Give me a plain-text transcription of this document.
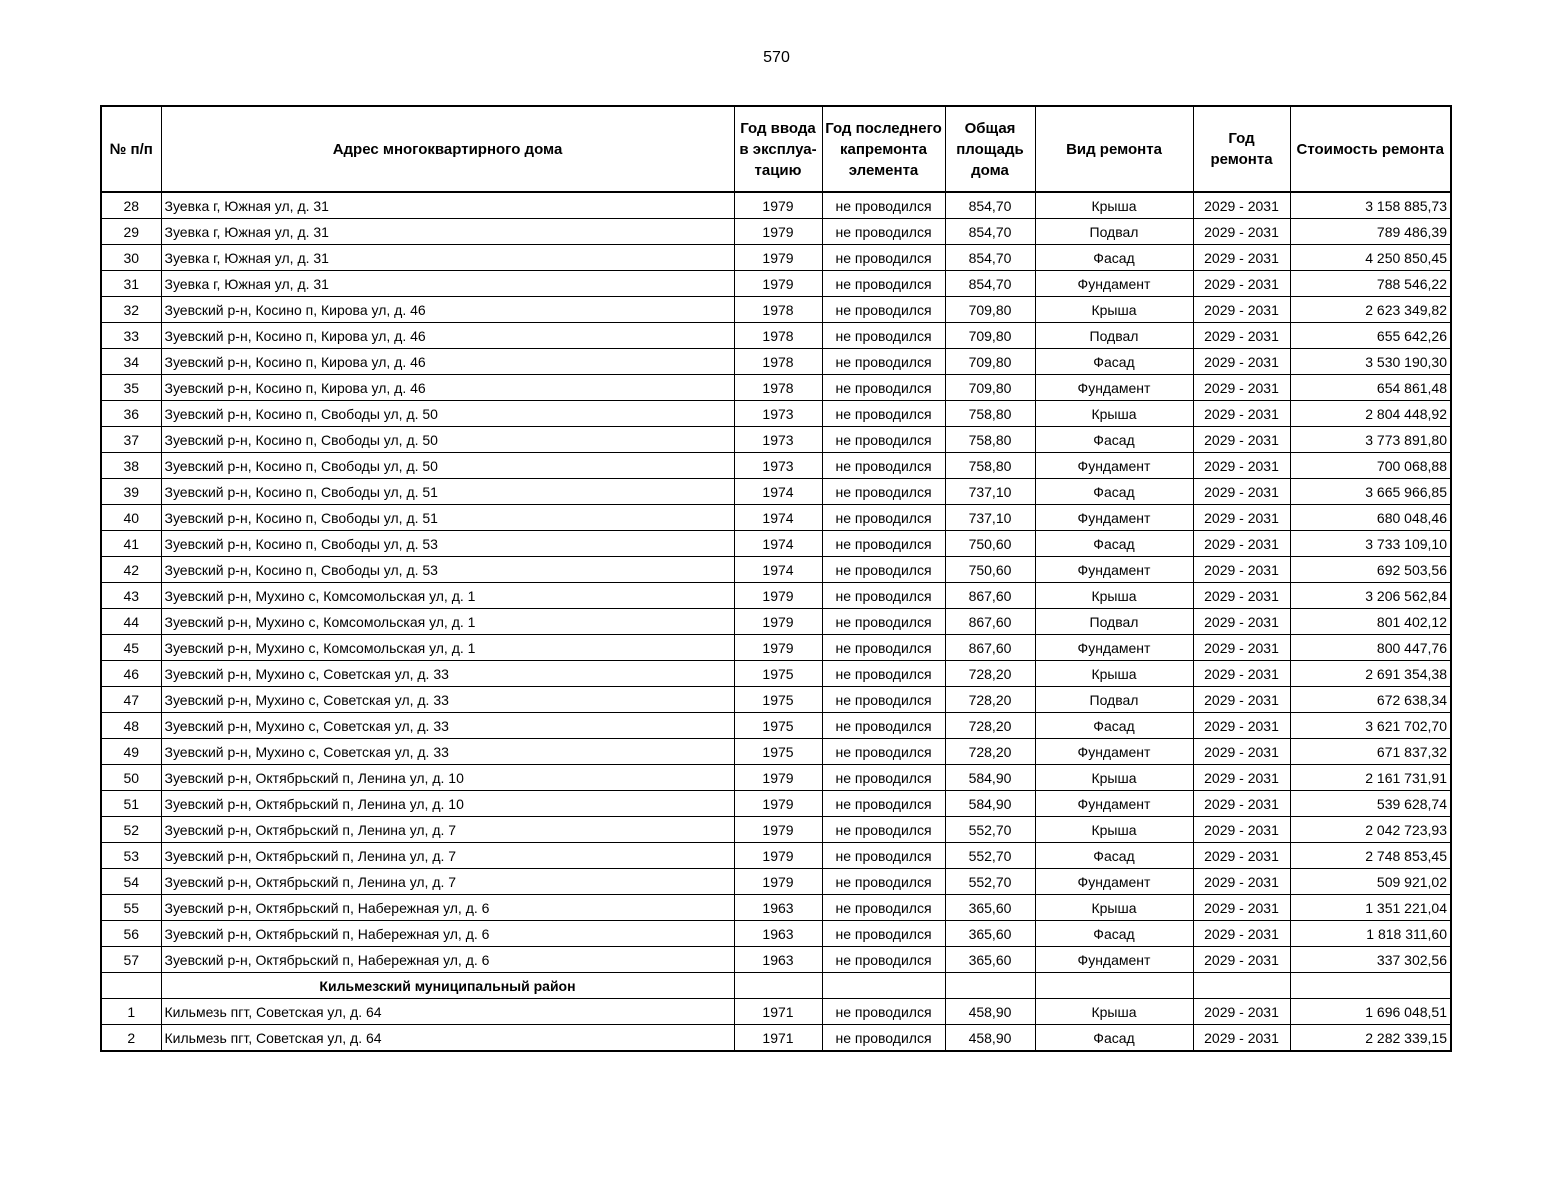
570
№ п/п	Адрес многоквартирного дома	Год ввода в эксплуа-тацию	Год последнего капремонта элемента	Общая площадь дома	Вид ремонта	Год ремонта	Стоимость ремонта
28	Зуевка г, Южная ул, д. 31	1979	не проводился	854,70	Крыша	2029 - 2031	3 158 885,73
29	Зуевка г, Южная ул, д. 31	1979	не проводился	854,70	Подвал	2029 - 2031	789 486,39
30	Зуевка г, Южная ул, д. 31	1979	не проводился	854,70	Фасад	2029 - 2031	4 250 850,45
31	Зуевка г, Южная ул, д. 31	1979	не проводился	854,70	Фундамент	2029 - 2031	788 546,22
32	Зуевский р-н, Косино п, Кирова ул, д. 46	1978	не проводился	709,80	Крыша	2029 - 2031	2 623 349,82
33	Зуевский р-н, Косино п, Кирова ул, д. 46	1978	не проводился	709,80	Подвал	2029 - 2031	655 642,26
34	Зуевский р-н, Косино п, Кирова ул, д. 46	1978	не проводился	709,80	Фасад	2029 - 2031	3 530 190,30
35	Зуевский р-н, Косино п, Кирова ул, д. 46	1978	не проводился	709,80	Фундамент	2029 - 2031	654 861,48
36	Зуевский р-н, Косино п, Свободы ул, д. 50	1973	не проводился	758,80	Крыша	2029 - 2031	2 804 448,92
37	Зуевский р-н, Косино п, Свободы ул, д. 50	1973	не проводился	758,80	Фасад	2029 - 2031	3 773 891,80
38	Зуевский р-н, Косино п, Свободы ул, д. 50	1973	не проводился	758,80	Фундамент	2029 - 2031	700 068,88
39	Зуевский р-н, Косино п, Свободы ул, д. 51	1974	не проводился	737,10	Фасад	2029 - 2031	3 665 966,85
40	Зуевский р-н, Косино п, Свободы ул, д. 51	1974	не проводился	737,10	Фундамент	2029 - 2031	680 048,46
41	Зуевский р-н, Косино п, Свободы ул, д. 53	1974	не проводился	750,60	Фасад	2029 - 2031	3 733 109,10
42	Зуевский р-н, Косино п, Свободы ул, д. 53	1974	не проводился	750,60	Фундамент	2029 - 2031	692 503,56
43	Зуевский р-н, Мухино с, Комсомольская ул, д. 1	1979	не проводился	867,60	Крыша	2029 - 2031	3 206 562,84
44	Зуевский р-н, Мухино с, Комсомольская ул, д. 1	1979	не проводился	867,60	Подвал	2029 - 2031	801 402,12
45	Зуевский р-н, Мухино с, Комсомольская ул, д. 1	1979	не проводился	867,60	Фундамент	2029 - 2031	800 447,76
46	Зуевский р-н, Мухино с, Советская ул, д. 33	1975	не проводился	728,20	Крыша	2029 - 2031	2 691 354,38
47	Зуевский р-н, Мухино с, Советская ул, д. 33	1975	не проводился	728,20	Подвал	2029 - 2031	672 638,34
48	Зуевский р-н, Мухино с, Советская ул, д. 33	1975	не проводился	728,20	Фасад	2029 - 2031	3 621 702,70
49	Зуевский р-н, Мухино с, Советская ул, д. 33	1975	не проводился	728,20	Фундамент	2029 - 2031	671 837,32
50	Зуевский р-н, Октябрьский п, Ленина ул, д. 10	1979	не проводился	584,90	Крыша	2029 - 2031	2 161 731,91
51	Зуевский р-н, Октябрьский п, Ленина ул, д. 10	1979	не проводился	584,90	Фундамент	2029 - 2031	539 628,74
52	Зуевский р-н, Октябрьский п, Ленина ул, д. 7	1979	не проводился	552,70	Крыша	2029 - 2031	2 042 723,93
53	Зуевский р-н, Октябрьский п, Ленина ул, д. 7	1979	не проводился	552,70	Фасад	2029 - 2031	2 748 853,45
54	Зуевский р-н, Октябрьский п, Ленина ул, д. 7	1979	не проводился	552,70	Фундамент	2029 - 2031	509 921,02
55	Зуевский р-н, Октябрьский п, Набережная ул, д. 6	1963	не проводился	365,60	Крыша	2029 - 2031	1 351 221,04
56	Зуевский р-н, Октябрьский п, Набережная ул, д. 6	1963	не проводился	365,60	Фасад	2029 - 2031	1 818 311,60
57	Зуевский р-н, Октябрьский п, Набережная ул, д. 6	1963	не проводился	365,60	Фундамент	2029 - 2031	337 302,56
	Кильмезский муниципальный район						
1	Кильмезь пгт, Советская ул, д. 64	1971	не проводился	458,90	Крыша	2029 - 2031	1 696 048,51
2	Кильмезь пгт, Советская ул, д. 64	1971	не проводился	458,90	Фасад	2029 - 2031	2 282 339,15
